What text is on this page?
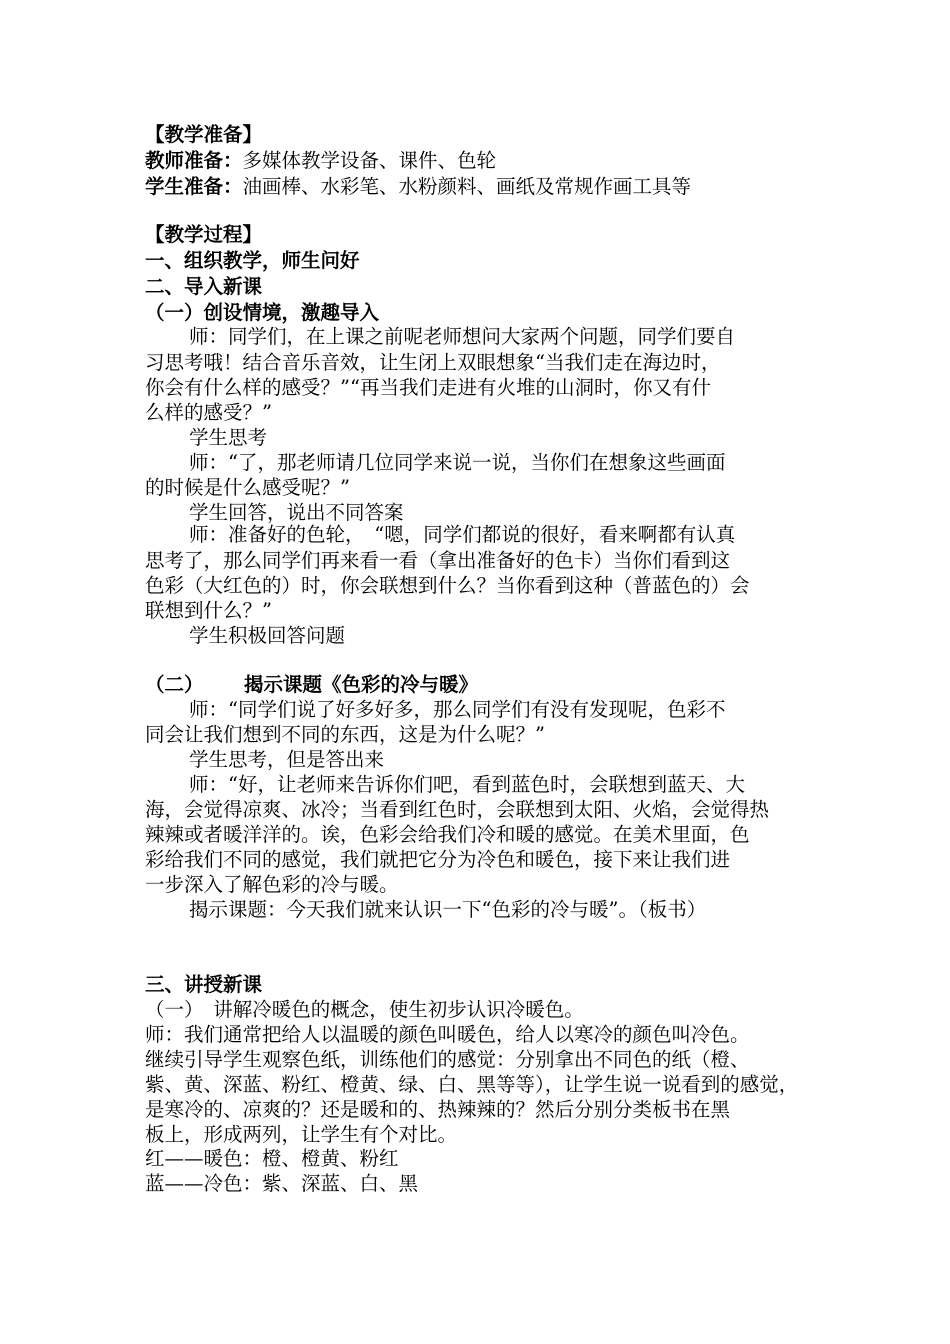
【教学准备】
教师准备：多媒体教学设备、课件、色轮
学生准备：油画棒、水彩笔、水粉颜料、画纸及常规作画工具等
【教学过程】
一、组织教学，师生问好
二、导入新课
（一）创设情境，激趣导入
师：同学们，在上课之前呢老师想问大家两个问题，同学们要自
习思考哦！结合音乐音效，让生闭上双眼想象“当我们走在海边时，
你会有什么样的感受？”“再当我们走进有火堆的山洞时，你又有什
么样的感受？”
学生思考
师：“了，那老师请几位同学来说一说，当你们在想象这些画面
的时候是什么感受呢？”
学生回答，说出不同答案
师：准备好的色轮，　“嗯，同学们都说的很好，看来啊都有认真
思考了，那么同学们再来看一看（拿出准备好的色卡）当你们看到这
色彩（大红色的）时，你会联想到什么？当你看到这种（普蓝色的）会
联想到什么？”
学生积极回答问题
（二） 揭示课题《色彩的冷与暖》
师：“同学们说了好多好多，那么同学们有没有发现呢，色彩不
同会让我们想到不同的东西，这是为什么呢？”
学生思考，但是答出来
师：“好，让老师来告诉你们吧，看到蓝色时，会联想到蓝天、大
海，会觉得凉爽、冰冷；当看到红色时，会联想到太阳、火焰，会觉得热
辣辣或者暖洋洋的。诶，色彩会给我们冷和暖的感觉。在美术里面，色
彩给我们不同的感觉，我们就把它分为冷色和暖色，接下来让我们进
一步深入了解色彩的冷与暖。
揭示课题：今天我们就来认识一下“色彩的冷与暖”。（板书）
三、讲授新课
（一）　讲解冷暖色的概念，使生初步认识冷暖色。
师：我们通常把给人以温暖的颜色叫暖色，给人以寒冷的颜色叫冷色。
继续引导学生观察色纸，训练他们的感觉：分别拿出不同色的纸（橙、
紫、黄、深蓝、粉红、橙黄、绿、白、黑等等），让学生说一说看到的感觉，
是寒冷的、凉爽的？还是暖和的、热辣辣的？然后分别分类板书在黑
板上，形成两列，让学生有个对比。
红——暖色：橙、橙黄、粉红
蓝——冷色：紫、深蓝、白、黑
